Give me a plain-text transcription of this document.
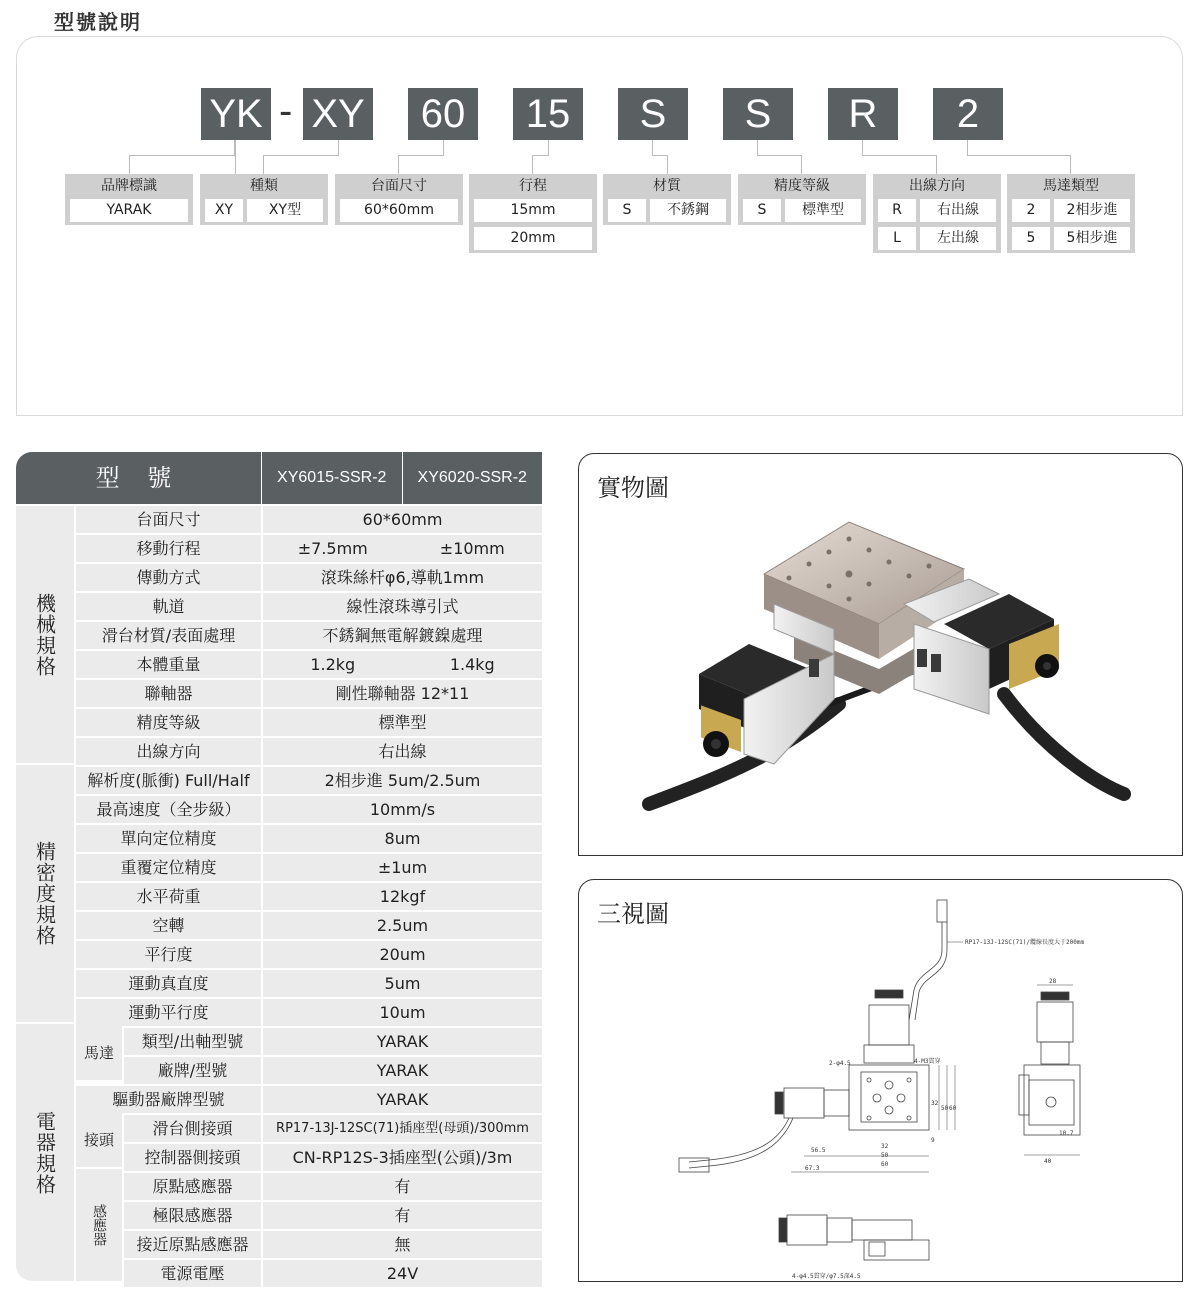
型號說明
YK - XY	60	15	S	S	R	2
品牌標識
YARAK
種類
XY	XY型
台面尺寸
60*60mm
行程
15mm
20mm
材質
S	不銹鋼
精度等級
S	標準型
出線方向
R	右出線
L	左出線
馬達類型
2	2相步進
5	5相步進
型 號	XY6015-SSR-2	XY6020-SSR-2
機械規格
精密度規格
電器規格
馬達
接頭
感應器
台面尺寸	60*60mm
移動行程	±7.5mm	±10mm
傳動方式	滾珠絲杆φ6,導軌1mm
軌道	線性滾珠導引式
滑台材質/表面處理	不銹鋼無電解鍍鎳處理
本體重量	1.2kg	1.4kg
聯軸器	剛性聯軸器 12*11
精度等級	標準型
出線方向	右出線
解析度(脈衝) Full/Half	2相步進 5um/2.5um
最高速度（全步級）	10mm/s
單向定位精度	8um
重覆定位精度	±1um
水平荷重	12kgf
空轉	2.5um
平行度	20um
運動真直度	5um
運動平行度	10um
類型/出軸型號	YARAK
廠牌/型號	YARAK
驅動器廠牌型號	YARAK
滑台側接頭	RP17-13J-12SC(71)插座型(母頭)/300mm
控制器側接頭	CN-RP12S-3插座型(公頭)/3m
原點感應器	有
極限感應器	有
接近原點感應器	無
電源電壓	24V
實物圖
三視圖
RP17-13J-12SC(71)/纜線長度大于200mm
4-M3貫穿
2-φ4.5
56.5
67.3
32
50
60
32
50 60
9
28
40
10.7
4-φ4.5貫穿/φ7.5深4.5
